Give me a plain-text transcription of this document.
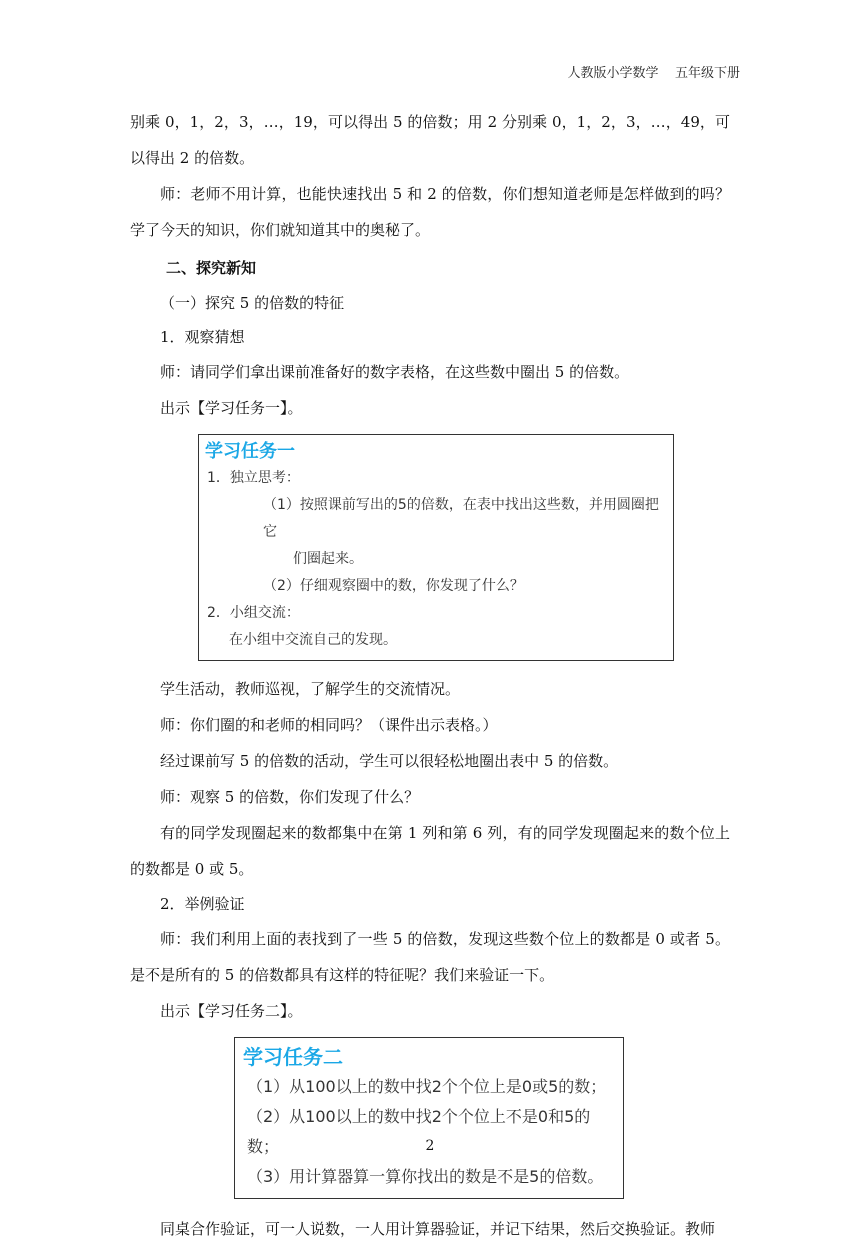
人教版小学数学 五年级下册

别乘 0，1，2，3，…，19，可以得出 5 的倍数；用 2 分别乘 0，1，2，3，…，49，可以得出 2 的倍数。

师：老师不用计算，也能快速找出 5 和 2 的倍数，你们想知道老师是怎样做到的吗？学了今天的知识，你们就知道其中的奥秘了。

二、探究新知

（一）探究 5 的倍数的特征

1．观察猜想

师：请同学们拿出课前准备好的数字表格，在这些数中圈出 5 的倍数。

出示【学习任务一】。

学习任务一
1．独立思考：
（1）按照课前写出的5的倍数，在表中找出这些数，并用圆圈把它
们圈起来。
（2）仔细观察圈中的数，你发现了什么？
2．小组交流：
在小组中交流自己的发现。

学生活动，教师巡视，了解学生的交流情况。

师：你们圈的和老师的相同吗？（课件出示表格。）

经过课前写 5 的倍数的活动，学生可以很轻松地圈出表中 5 的倍数。

师：观察 5 的倍数，你们发现了什么？

有的同学发现圈起来的数都集中在第 1 列和第 6 列，有的同学发现圈起来的数个位上的数都是 0 或 5。

2．举例验证

师：我们利用上面的表找到了一些 5 的倍数，发现这些数个位上的数都是 0 或者 5。是不是所有的 5 的倍数都具有这样的特征呢？我们来验证一下。

出示【学习任务二】。

学习任务二
（1）从100以上的数中找2个个位上是0或5的数；
（2）从100以上的数中找2个个位上不是0和5的数；
（3）用计算器算一算你找出的数是不是5的倍数。

同桌合作验证，可一人说数，一人用计算器验证，并记下结果，然后交换验证。教师

2
